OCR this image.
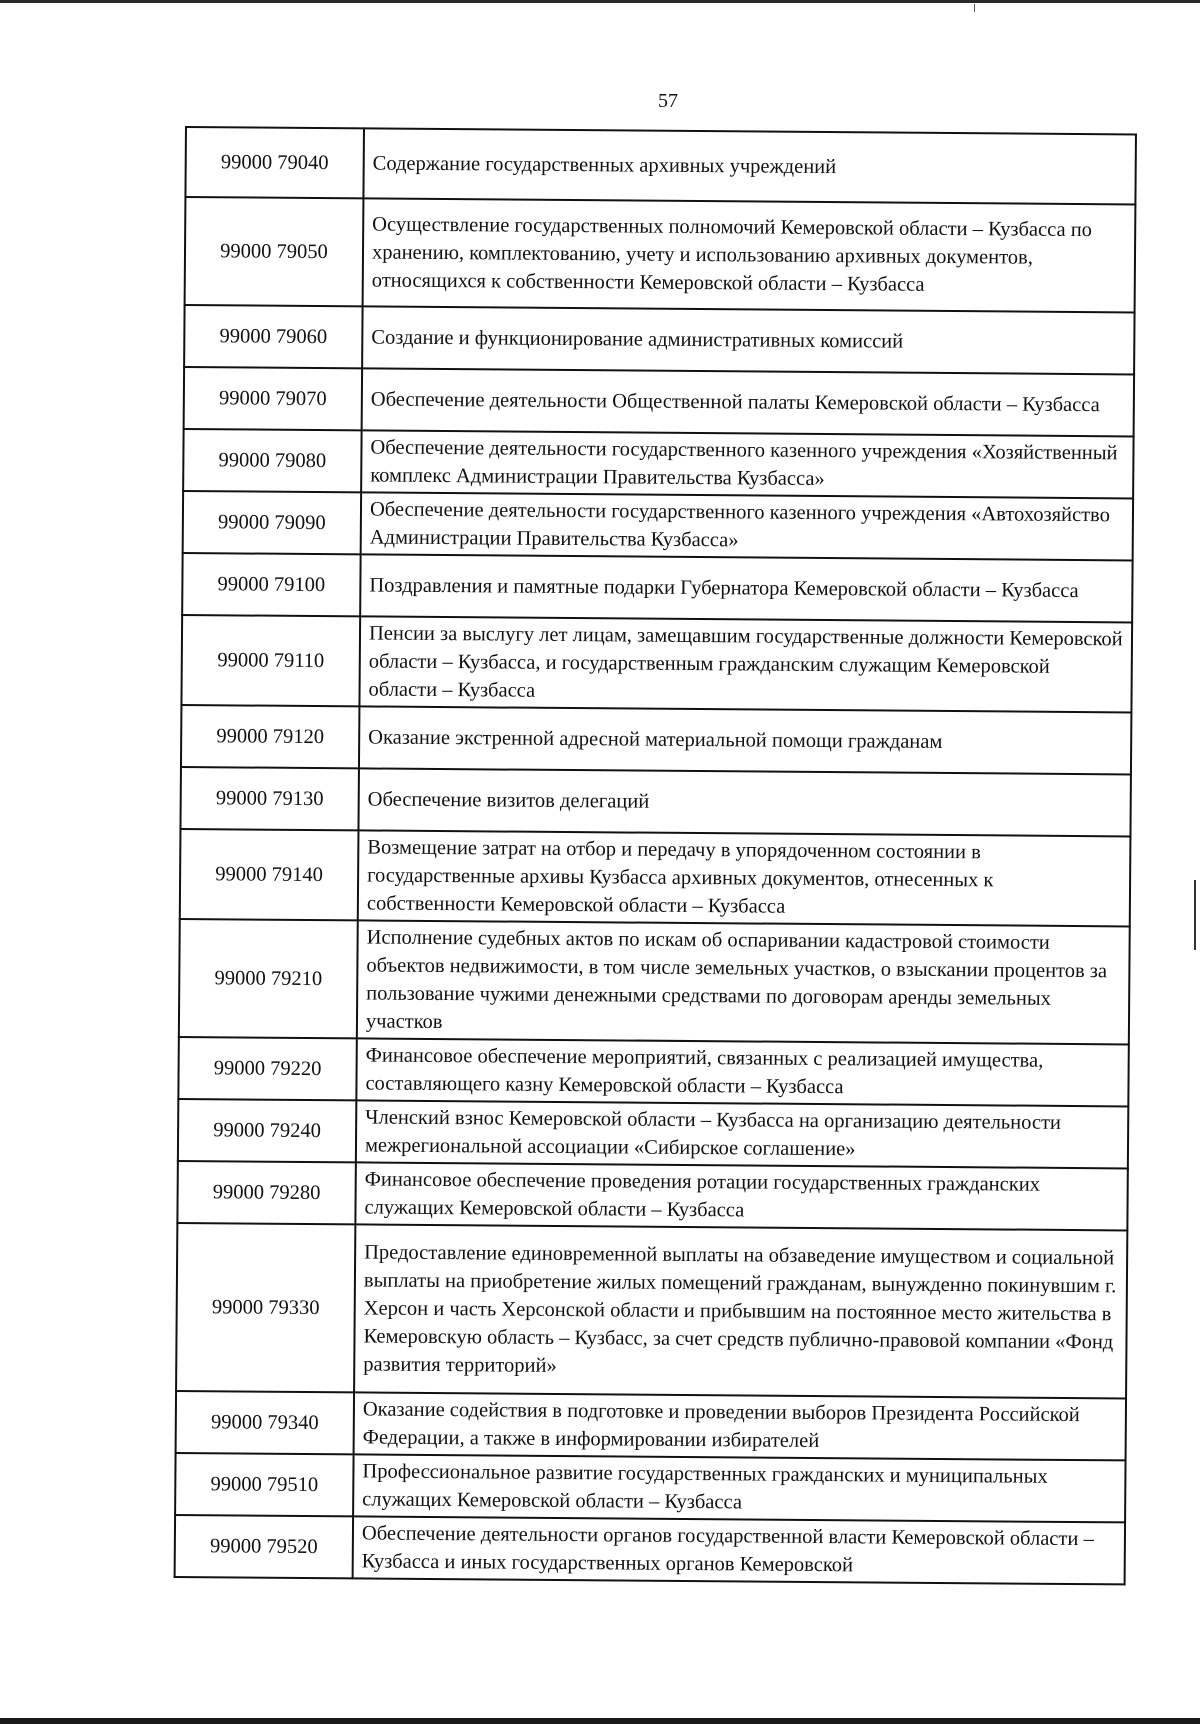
57
99000 79040	Содержание государственных архивных учреждений
99000 79050	Осуществление государственных полномочий Кемеровской области – Кузбасса по хранению, комплектованию, учету и использованию архивных документов, относящихся к собственности Кемеровской области – Кузбасса
99000 79060	Создание и функционирование административных комиссий
99000 79070	Обеспечение деятельности Общественной палаты Кемеровской области – Кузбасса
99000 79080	Обеспечение деятельности государственного казенного учреждения «Хозяйственный комплекс Администрации Правительства Кузбасса»
99000 79090	Обеспечение деятельности государственного казенного учреждения «Автохозяйство Администрации Правительства Кузбасса»
99000 79100	Поздравления и памятные подарки Губернатора Кемеровской области – Кузбасса
99000 79110	Пенсии за выслугу лет лицам, замещавшим государственные должности Кемеровской области – Кузбасса, и государственным гражданским служащим Кемеровской области – Кузбасса
99000 79120	Оказание экстренной адресной материальной помощи гражданам
99000 79130	Обеспечение визитов делегаций
99000 79140	Возмещение затрат на отбор и передачу в упорядоченном состоянии в государственные архивы Кузбасса архивных документов, отнесенных к собственности Кемеровской области – Кузбасса
99000 79210	Исполнение судебных актов по искам об оспаривании кадастровой стоимости объектов недвижимости, в том числе земельных участков, о взыскании процентов за пользование чужими денежными средствами по договорам аренды земельных участков
99000 79220	Финансовое обеспечение мероприятий, связанных с реализацией имущества, составляющего казну Кемеровской области – Кузбасса
99000 79240	Членский взнос Кемеровской области – Кузбасса на организацию деятельности межрегиональной ассоциации «Сибирское соглашение»
99000 79280	Финансовое обеспечение проведения ротации государственных гражданских служащих Кемеровской области – Кузбасса
99000 79330	Предоставление единовременной выплаты на обзаведение имуществом и социальной выплаты на приобретение жилых помещений гражданам, вынужденно покинувшим г. Херсон и часть Херсонской области и прибывшим на постоянное место жительства в Кемеровскую область – Кузбасс, за счет средств публично-правовой компании «Фонд развития территорий»
99000 79340	Оказание содействия в подготовке и проведении выборов Президента Российской Федерации, а также в информировании избирателей
99000 79510	Профессиональное развитие государственных гражданских и муниципальных служащих Кемеровской области – Кузбасса
99000 79520	Обеспечение деятельности органов государственной власти Кемеровской области – Кузбасса и иных государственных органов Кемеровской
